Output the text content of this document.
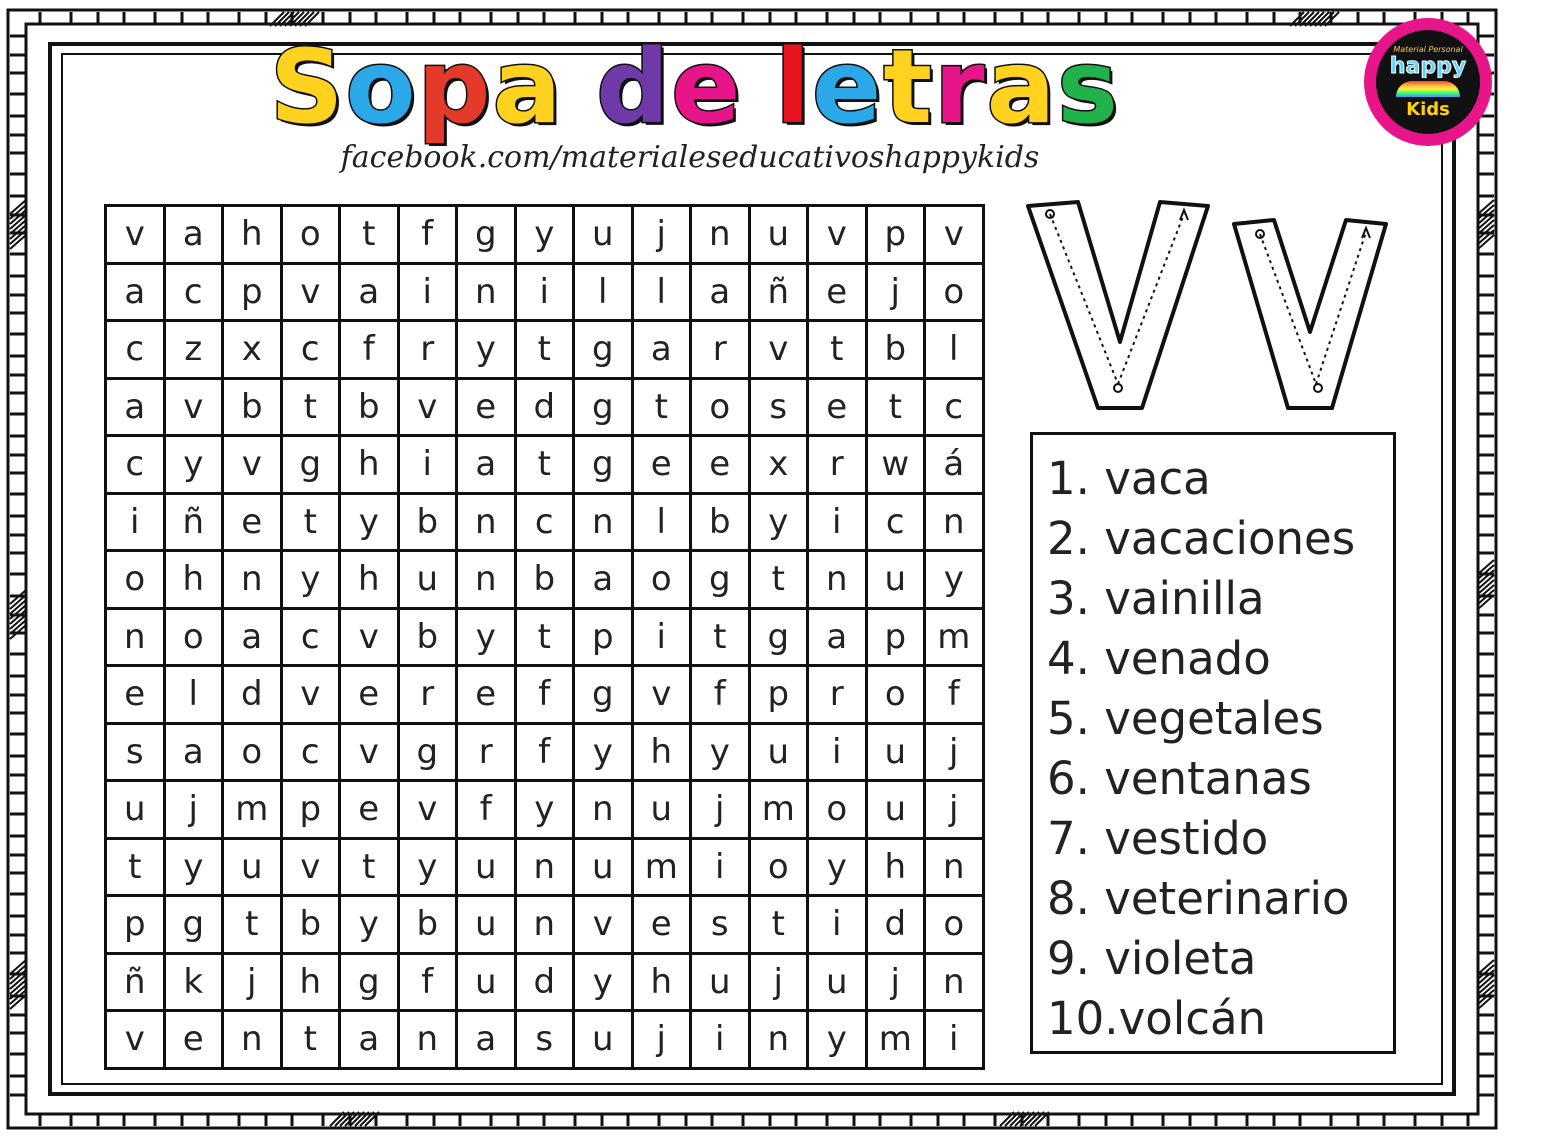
S o p a d e l e t r a s
facebook.com/materialeseducativoshappykids
Material Personal
happy
Kids
v	a	h	o	t	f	g	y	u	j	n	u	v	p	v
a	c	p	v	a	i	n	i	l	l	a	ñ	e	j	o
c	z	x	c	f	r	y	t	g	a	r	v	t	b	l
a	v	b	t	b	v	e	d	g	t	o	s	e	t	c
c	y	v	g	h	i	a	t	g	e	e	x	r	w	á
i	ñ	e	t	y	b	n	c	n	l	b	y	i	c	n
o	h	n	y	h	u	n	b	a	o	g	t	n	u	y
n	o	a	c	v	b	y	t	p	i	t	g	a	p	m
e	l	d	v	e	r	e	f	g	v	f	p	r	o	f
s	a	o	c	v	g	r	f	y	h	y	u	i	u	j
u	j	m	p	e	v	f	y	n	u	j	m	o	u	j
t	y	u	v	t	y	u	n	u	m	i	o	y	h	n
p	g	t	b	y	b	u	n	v	e	s	t	i	d	o
ñ	k	j	h	g	f	u	d	y	h	u	j	u	j	n
v	e	n	t	a	n	a	s	u	j	i	n	y	m	i
1. vaca
2. vacaciones
3. vainilla
4. venado
5. vegetales
6. ventanas
7. vestido
8. veterinario
9. violeta
10.volcán
